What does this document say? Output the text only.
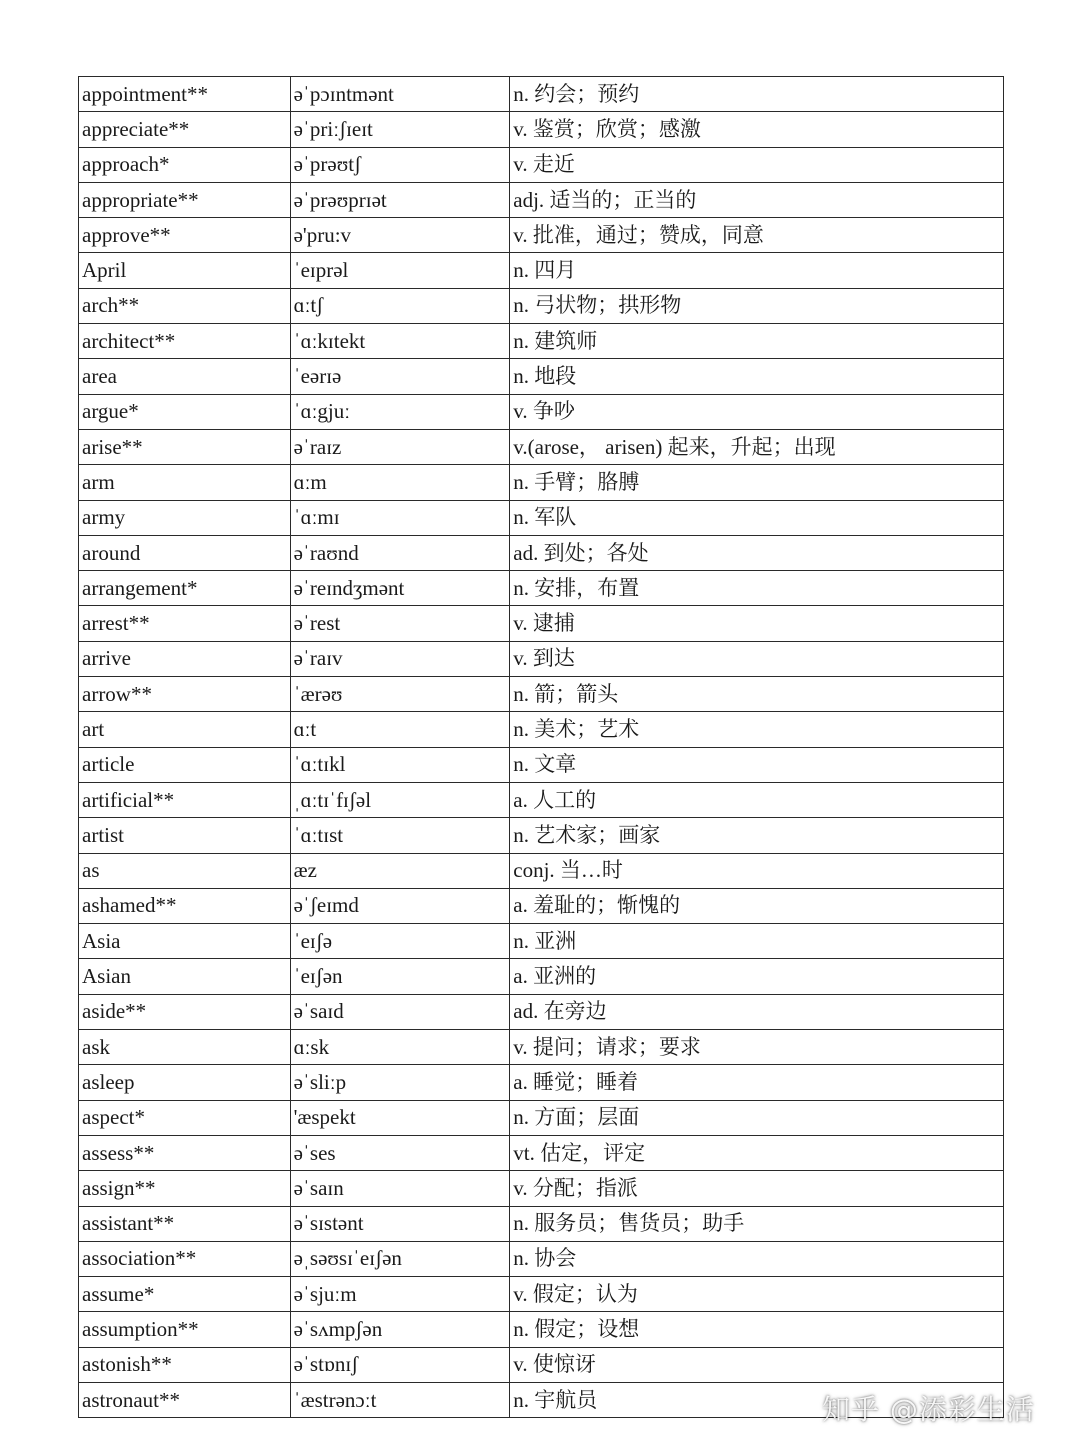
appointment**	əˈpɔɪntmənt	n. 约会；预约
appreciate**	əˈpriːʃɪeɪt	v. 鉴赏；欣赏；感激
approach*	əˈprəʊtʃ	v. 走近
appropriate**	əˈprəʊprɪət	adj. 适当的；正当的
approve**	ə'pru:v	v. 批准，通过；赞成，同意
April	ˈeɪprəl	n. 四月
arch**	ɑːtʃ	n. 弓状物；拱形物
architect**	ˈɑːkɪtekt	n. 建筑师
area	ˈeərɪə	n. 地段
argue*	ˈɑːgjuː	v. 争吵
arise**	əˈraɪz	v.(arose， arisen) 起来，升起；出现
arm	ɑːm	n. 手臂；胳膊
army	ˈɑːmɪ	n. 军队
around	əˈraʊnd	ad. 到处；各处
arrangement*	əˈreɪndʒmənt	n. 安排，布置
arrest**	əˈrest	v. 逮捕
arrive	əˈraɪv	v. 到达
arrow**	ˈærəʊ	n. 箭；箭头
art	ɑːt	n. 美术；艺术
article	ˈɑːtɪkl	n. 文章
artificial**	ˌɑːtɪˈfɪʃəl	a. 人工的
artist	ˈɑːtɪst	n. 艺术家；画家
as	æz	conj. 当…时
ashamed**	əˈʃeɪmd	a. 羞耻的；惭愧的
Asia	ˈeɪʃə	n. 亚洲
Asian	ˈeɪʃən	a. 亚洲的
aside**	əˈsaɪd	ad. 在旁边
ask	ɑːsk	v. 提问；请求；要求
asleep	əˈsliːp	a. 睡觉；睡着
aspect*	'æspekt	n. 方面；层面
assess**	əˈses	vt. 估定，评定
assign**	əˈsaɪn	v. 分配；指派
assistant**	əˈsɪstənt	n. 服务员；售货员；助手
association**	əˌsəʊsɪˈeɪʃən	n. 协会
assume*	əˈsjuːm	v. 假定；认为
assumption**	əˈsʌmpʃən	n. 假定；设想
astonish**	əˈstɒnɪʃ	v. 使惊讶
astronaut**	ˈæstrənɔːt	n. 宇航员	知乎 @添彩生活
